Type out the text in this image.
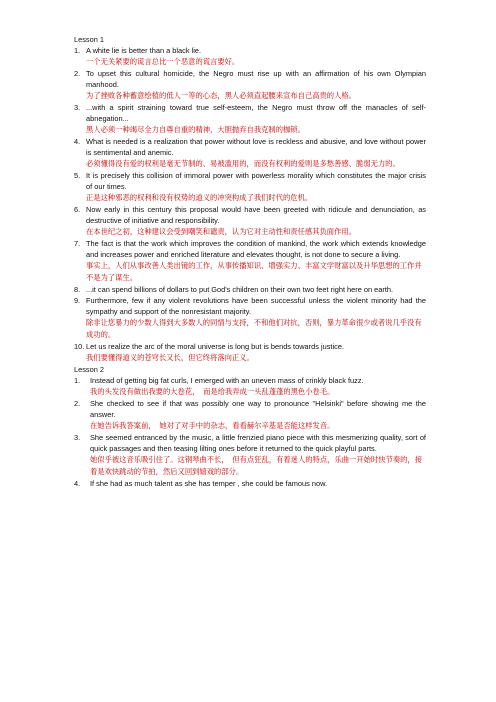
Lesson 1
1. A white lie is better than a black lie.
一个无关紧要的谎言总比一个恶意的谎言要好。
2. To upset this cultural homicide, the Negro must rise up with an affirmation of his own Olympian manhood.
为了挫败各种蓄意绘植的低人一等的心态，黑人必须直起腰来宣布自己高贵的人格。
3. ...with a spirit straining toward true self-esteem, the Negro must throw off the manacles of self-abnegation...
黑人必须一种竭尽全力自尊自重的精神，大胆抛弃自我克制的枷锁。
4. What is needed is a realization that power without love is reckless and abusive, and love without power is sentimental and anemic.
必须懂得没有爱的权利是毫无节制的、易被滥用的，而没有权利的爱则是多愁善感、脆弱无力的。
5. It is precisely this collision of immoral power with powerless morality which constitutes the major crisis of our times.
正是这种邪恶的权利和没有权势的道义的冲突构成了我们时代的危机。
6. Now early in this century this proposal would have been greeted with ridicule and denunciation, as destructive of initiative and responsibility.
在本世纪之初，这种建议会受到嘲笑和谴责，认为它对主动性和责任感其负面作用。
7. The fact is that the work which improves the condition of mankind, the work which extends knowledge and increases power and enriched literature and elevates thought, is not done to secure a living.
事实上，人们从事改善人类出镜的工作，从事传播知识、增强实力、丰富文学财富以及升华思想的工作并不是为了谋生。
8. ...it can spend billions of dollars to put God's children on their own two feet right here on earth.
9. Furthermore, few if any violent revolutions have been successful unless the violent minority had the sympathy and support of the nonresistant majority.
除非让您暴力的少数人得到大多数人的同情与支持，不和他们对抗，否则，暴力革命很少或者说几乎没有成功的。
10. Let us realize the arc of the moral universe is long but is bends towards justice.
我们要懂得道义的苍穹长又长，但它终将落向正义。
Lesson 2
1.	Instead of getting big fat curls, I emerged with an uneven mass of crinkly black fuzz.
我的头发没有做出我要的大卷花，　而是给我弄成一头乱蓬蓬的黑色小卷毛。
2.	She checked to see if that was possibly one way to pronounce "Helsinki" before showing me the answer.
在她告诉我答案前，　她对了对手中的杂志，看看赫尔辛基是否能这样发音。
3.	She seemed entranced by the music, a little frenzied piano piece with this mesmerizing quality, sort of quick passages and then teasing lilting ones before it returned to the quick playful parts.
她似乎被这音乐吸引住了。这钢琴曲不长，　但有点狂乱，有着迷人的特点，乐曲一开始时快节奏的，接着是欢快跳动的节拍，然后又回到嬉戏的部分。
4.	If she had as much talent as she has temper , she could be famous now.
